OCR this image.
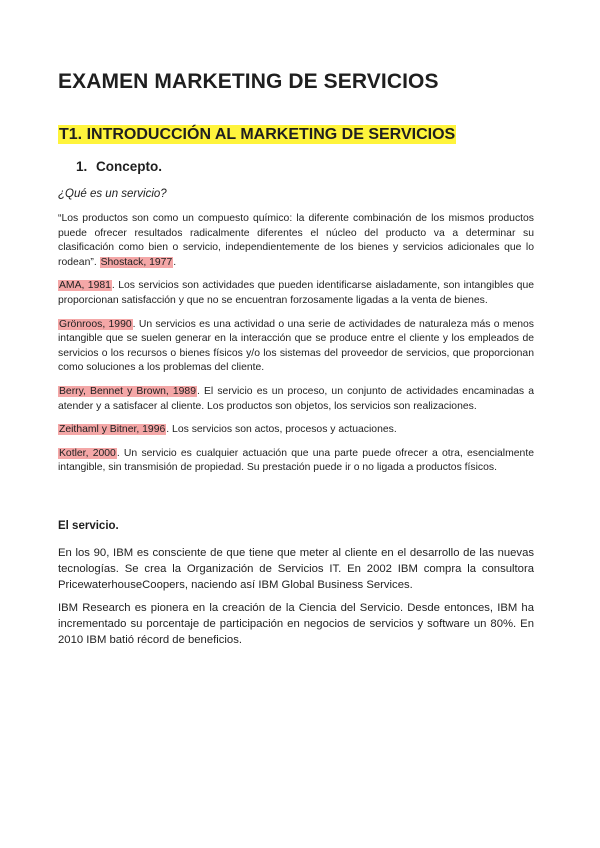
EXAMEN MARKETING DE SERVICIOS
T1. INTRODUCCIÓN AL MARKETING DE SERVICIOS
1. Concepto.
¿Qué es un servicio?

“Los productos son como un compuesto químico: la diferente combinación de los mismos productos puede ofrecer resultados radicalmente diferentes el núcleo del producto va a determinar su clasificación como bien o servicio, independientemente de los bienes y servicios adicionales que lo rodean”. Shostack, 1977.

AMA, 1981. Los servicios son actividades que pueden identificarse aisladamente, son intangibles que proporcionan satisfacción y que no se encuentran forzosamente ligadas a la venta de bienes.

Grönroos, 1990. Un servicios es una actividad o una serie de actividades de naturaleza más o menos intangible que se suelen generar en la interacción que se produce entre el cliente y los empleados de servicios o los recursos o bienes físicos y/o los sistemas del proveedor de servicios, que proporcionan como soluciones a los problemas del cliente.

Berry, Bennet y Brown, 1989. El servicio es un proceso, un conjunto de actividades encaminadas a atender y a satisfacer al cliente. Los productos son objetos, los servicios son realizaciones.

Zeithaml y Bitner, 1996. Los servicios son actos, procesos y actuaciones.

Kotler, 2000. Un servicio es cualquier actuación que una parte puede ofrecer a otra, esencialmente intangible, sin transmisión de propiedad. Su prestación puede ir o no ligada a productos físicos.

El servicio.

En los 90, IBM es consciente de que tiene que meter al cliente en el desarrollo de las nuevas tecnologías. Se crea la Organización de Servicios IT. En 2002 IBM compra la consultora PricewaterhouseCoopers, naciendo así IBM Global Business Services.

IBM Research es pionera en la creación de la Ciencia del Servicio. Desde entonces, IBM ha incrementado su porcentaje de participación en negocios de servicios y software un 80%. En 2010 IBM batió récord de beneficios.
